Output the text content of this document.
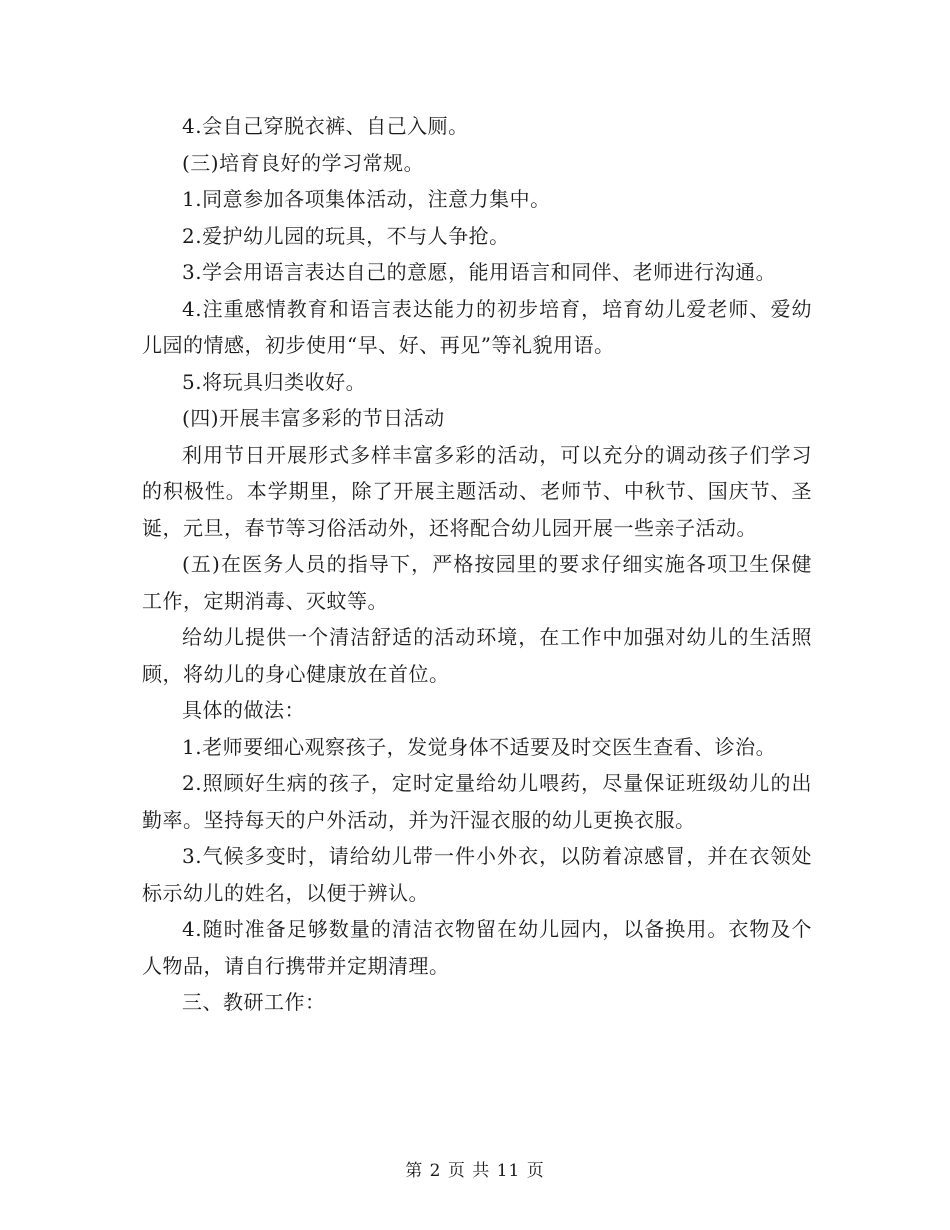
4.会自己穿脱衣裤、自己入厕。

(三)培育良好的学习常规。

1.同意参加各项集体活动，注意力集中。

2.爱护幼儿园的玩具，不与人争抢。

3.学会用语言表达自己的意愿，能用语言和同伴、老师进行沟通。

4.注重感情教育和语言表达能力的初步培育，培育幼儿爱老师、爱幼儿园的情感，初步使用“早、好、再见”等礼貌用语。

5.将玩具归类收好。

(四)开展丰富多彩的节日活动

利用节日开展形式多样丰富多彩的活动，可以充分的调动孩子们学习的积极性。本学期里，除了开展主题活动、老师节、中秋节、国庆节、圣诞，元旦，春节等习俗活动外，还将配合幼儿园开展一些亲子活动。

(五)在医务人员的指导下，严格按园里的要求仔细实施各项卫生保健工作，定期消毒、灭蚊等。

给幼儿提供一个清洁舒适的活动环境，在工作中加强对幼儿的生活照顾，将幼儿的身心健康放在首位。

具体的做法：

1.老师要细心观察孩子，发觉身体不适要及时交医生查看、诊治。

2.照顾好生病的孩子，定时定量给幼儿喂药，尽量保证班级幼儿的出勤率。坚持每天的户外活动，并为汗湿衣服的幼儿更换衣服。

3.气候多变时，请给幼儿带一件小外衣，以防着凉感冒，并在衣领处标示幼儿的姓名，以便于辨认。

4.随时准备足够数量的清洁衣物留在幼儿园内，以备换用。衣物及个人物品，请自行携带并定期清理。

三、教研工作：

第 2 页 共 11 页
